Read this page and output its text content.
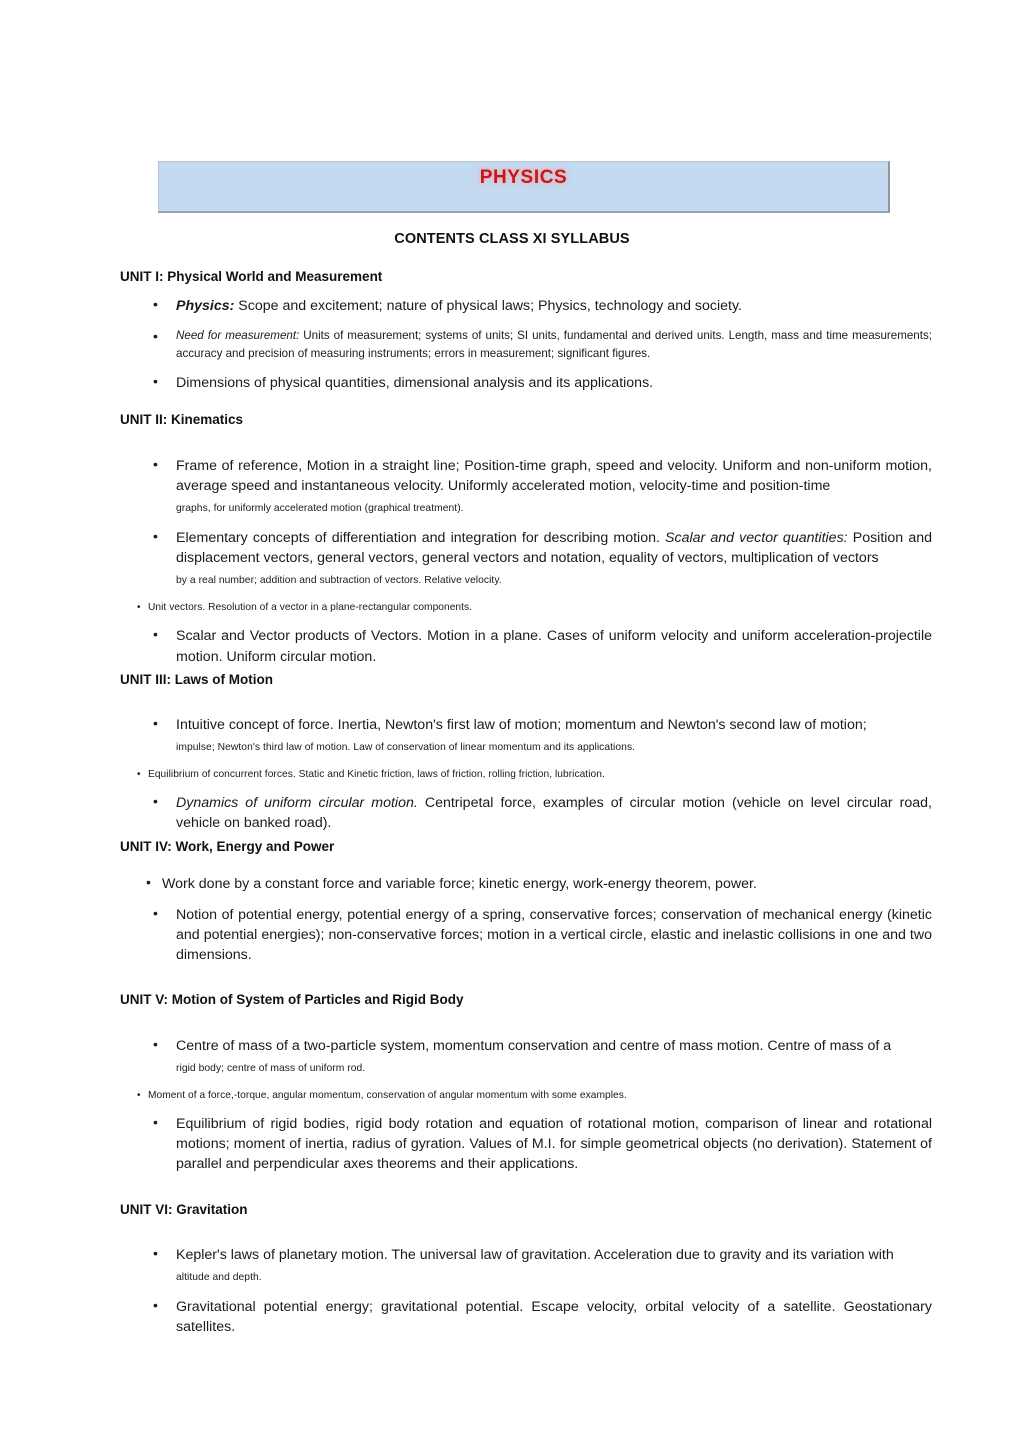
PHYSICS
CONTENTS CLASS XI SYLLABUS
UNIT I: Physical World and Measurement
• Physics: Scope and excitement; nature of physical laws; Physics, technology and society.
• Need for measurement: Units of measurement; systems of units; SI units, fundamental and derived units. Length, mass and time measurements; accuracy and precision of measuring instruments; errors in measurement; significant figures.
• Dimensions of physical quantities, dimensional analysis and its applications.
UNIT II: Kinematics
• Frame of reference, Motion in a straight line; Position-time graph, speed and velocity. Uniform and non-uniform motion, average speed and instantaneous velocity. Uniformly accelerated motion, velocity-time and position-time
graphs, for uniformly accelerated motion (graphical treatment).
• Elementary concepts of differentiation and integration for describing motion. Scalar and vector quantities: Position and displacement vectors, general vectors, general vectors and notation, equality of vectors, multiplication of vectors
by a real number; addition and subtraction of vectors. Relative velocity.
• Unit vectors. Resolution of a vector in a plane-rectangular components.
• Scalar and Vector products of Vectors. Motion in a plane. Cases of uniform velocity and uniform acceleration-projectile motion. Uniform circular motion.
UNIT III: Laws of Motion
• Intuitive concept of force. Inertia, Newton's first law of motion; momentum and Newton's second law of motion;
impulse; Newton's third law of motion. Law of conservation of linear momentum and its applications.
• Equilibrium of concurrent forces. Static and Kinetic friction, laws of friction, rolling friction, lubrication.
• Dynamics of uniform circular motion. Centripetal force, examples of circular motion (vehicle on level circular road, vehicle on banked road).
UNIT IV: Work, Energy and Power
• Work done by a constant force and variable force; kinetic energy, work-energy theorem, power.
• Notion of potential energy, potential energy of a spring, conservative forces; conservation of mechanical energy (kinetic and potential energies); non-conservative forces; motion in a vertical circle, elastic and inelastic collisions in one and two dimensions.
UNIT V: Motion of System of Particles and Rigid Body
• Centre of mass of a two-particle system, momentum conservation and centre of mass motion. Centre of mass of a
rigid body; centre of mass of uniform rod.
• Moment of a force,-torque, angular momentum, conservation of angular momentum with some examples.
• Equilibrium of rigid bodies, rigid body rotation and equation of rotational motion, comparison of linear and rotational motions; moment of inertia, radius of gyration. Values of M.I. for simple geometrical objects (no derivation). Statement of parallel and perpendicular axes theorems and their applications.
UNIT VI: Gravitation
• Kepler's laws of planetary motion. The universal law of gravitation. Acceleration due to gravity and its variation with
altitude and depth.
• Gravitational potential energy; gravitational potential. Escape velocity, orbital velocity of a satellite. Geostationary satellites.
